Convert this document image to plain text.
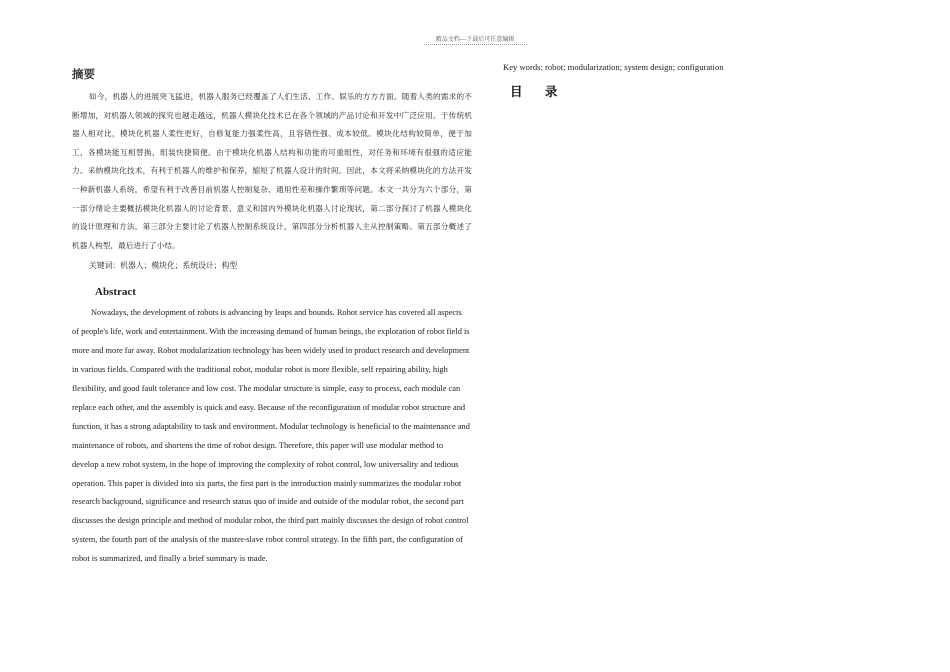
精品文档---下载后可任意编辑
摘要

如今，机器人的进展突飞猛进，机器人服务已经覆盖了人们生活、工作、娱乐的方方方面。随着人类的需求的不断增加，对机器人领域的探究也越走越远，机器人模块化技术已在各个领域的产品讨论和开发中广泛应用。于传统机器人相对比，模块化机器人柔性更好，自修复能力强柔性高，且容错性强、成本较低。模块化结构较简单，便于加工，各模块能互相替换，组装快捷简便。由于模块化机器人结构和功能的可重组性，对任务和环境有很强的适应能力。采纳模块化技术，有利于机器人的维护和保养，缩短了机器人设计的时间。因此，本文将采纳模块化的方法开发一种新机器人系统，希望有利于改善目前机器人控制复杂、通用性差和操作繁琐等问题。本文一共分为六个部分，第一部分绪论主要概括模块化机器人的讨论背景、意义和国内外模块化机器人讨论现状，第二部分探讨了机器人模块化的设计原理和方法，第三部分主要讨论了机器人控制系统设计，第四部分分析机器人主从控制策略。第五部分概述了机器人构型，最后进行了小结。

关键词：机器人；模块化；系统设计；构型

Abstract

Nowadays, the development of robots is advancing by leaps and bounds. Robot service has covered all aspects of people's life, work and entertainment. With the increasing demand of human beings, the exploration of robot field is more and more far away. Robot modularization technology has been widely used in product research and development in various fields. Compared with the traditional robot, modular robot is more flexible, self repairing ability, high flexibility, and good fault tolerance and low cost. The modular structure is simple, easy to process, each module can replace each other, and the assembly is quick and easy. Because of the reconfiguration of modular robot structure and function, it has a strong adaptability to task and environment. Modular technology is beneficial to the maintenance and maintenance of robots, and shortens the time of robot design. Therefore, this paper will use modular method to develop a new robot system, in the hope of improving the complexity of robot control, low universality and tedious operation. This paper is divided into six parts, the first part is the introduction mainly summarizes the modular robot research background, significance and research status quo of inside and outside of the modular robot, the second part discusses the design principle and method of modular robot, the third part mainly discusses the design of robot control system, the fourth part of the analysis of the master-slave robot control strategy. In the fifth part, the configuration of robot is summarized, and finally a brief summary is made.

Key words: robot; modularization; system design; configuration

目 录
